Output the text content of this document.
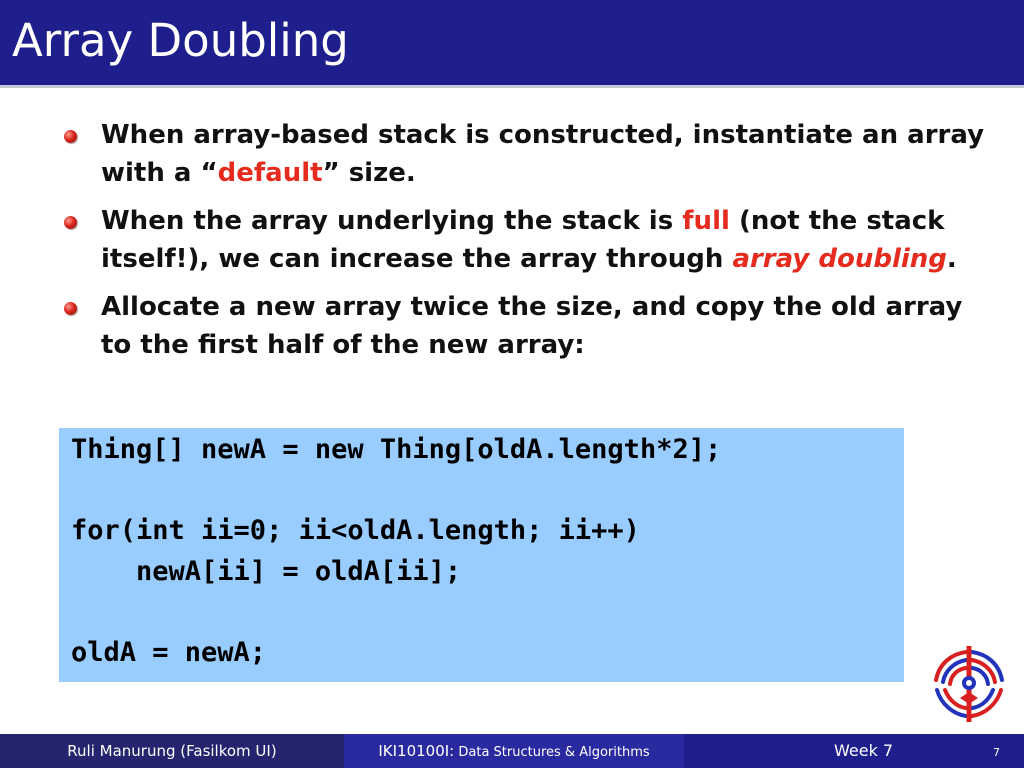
Array Doubling
When array-based stack is constructed, instantiate an array with a “default” size.
When the array underlying the stack is full (not the stack itself!), we can increase the array through array doubling.
Allocate a new array twice the size, and copy the old array to the first half of the new array:
Thing[] newA = new Thing[oldA.length*2];
for(int ii=0; ii<oldA.length; ii++)
newA[ii] = oldA[ii];
oldA = newA;
Ruli Manurung (Fasilkom UI)	IKI10100I: Data Structures & Algorithms	Week 7	7
